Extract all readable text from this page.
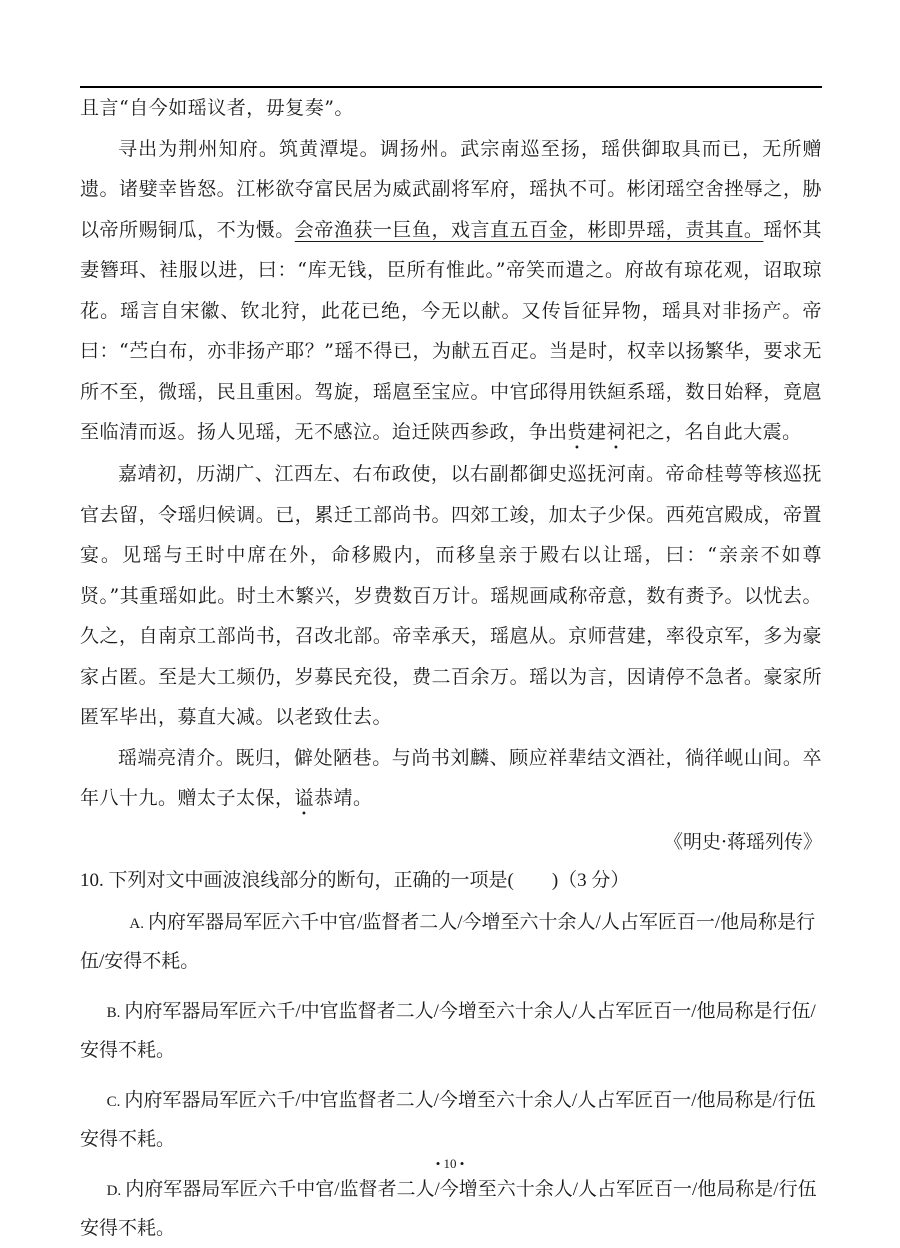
且言“自今如瑶议者，毋复奏”。

寻出为荆州知府。筑黄潭堤。调扬州。武宗南巡至扬，瑶供御取具而已，无所赠遗。诸嬖幸皆怒。江彬欲夺富民居为威武副将军府，瑶执不可。彬闭瑶空舍挫辱之，胁以帝所赐铜瓜，不为慑。会帝渔获一巨鱼，戏言直五百金，彬即畀瑶，责其直。瑶怀其妻簪珥、袿服以进，曰：“库无钱，臣所有惟此。”帝笑而遣之。府故有琼花观，诏取琼花。瑶言自宋徽、钦北狩，此花已绝，今无以献。又传旨征异物，瑶具对非扬产。帝曰：“苎白布，亦非扬产耶？”瑶不得已，为献五百疋。当是时，权幸以扬繁华，要求无所不至，微瑶，民且重困。驾旋，瑶扈至宝应。中官邱得用铁絙系瑶，数日始释，竟扈至临清而返。扬人见瑶，无不感泣。迨迁陕西参政，争出赀建祠祀之，名自此大震。

嘉靖初，历湖广、江西左、右布政使，以右副都御史巡抚河南。帝命桂萼等核巡抚官去留，令瑶归候调。已，累迁工部尚书。四郊工竣，加太子少保。西苑宫殿成，帝置宴。见瑶与王时中席在外，命移殿内，而移皇亲于殿右以让瑶，曰：“亲亲不如尊贤。”其重瑶如此。时土木繁兴，岁费数百万计。瑶规画咸称帝意，数有赉予。以忧去。久之，自南京工部尚书，召改北部。帝幸承天，瑶扈从。京师营建，率役京军，多为豪家占匿。至是大工频仍，岁募民充役，费二百余万。瑶以为言，因请停不急者。豪家所匿军毕出，募直大减。以老致仕去。

瑶端亮清介。既归，僻处陋巷。与尚书刘麟、顾应祥辈结文酒社，徜徉岘山间。卒年八十九。赠太子太保，谥恭靖。

《明史·蒋瑶列传》

10. 下列对文中画波浪线部分的断句，正确的一项是(　　)（3 分）

A. 内府军器局军匠六千中官/监督者二人/今增至六十余人/人占军匠百一/他局称是行伍/安得不耗。

B. 内府军器局军匠六千/中官监督者二人/今增至六十余人/人占军匠百一/他局称是行伍/安得不耗。

C. 内府军器局军匠六千/中官监督者二人/今增至六十余人/人占军匠百一/他局称是/行伍安得不耗。

D. 内府军器局军匠六千中官/监督者二人/今增至六十余人/人占军匠百一/他局称是/行伍安得不耗。

• 10 •
